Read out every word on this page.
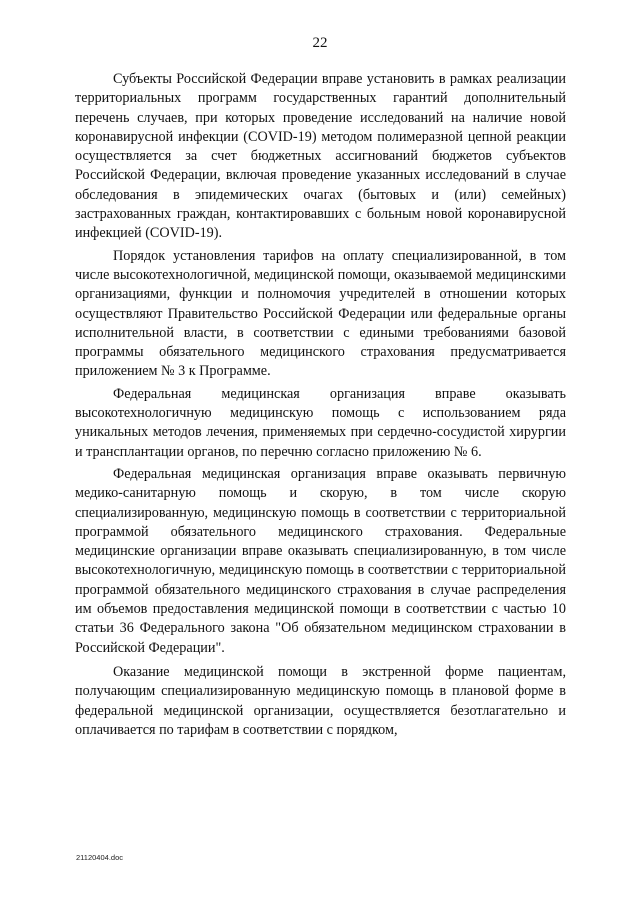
22

Субъекты Российской Федерации вправе установить в рамках реализации территориальных программ государственных гарантий дополнительный перечень случаев, при которых проведение исследований на наличие новой коронавирусной инфекции (COVID-19) методом полимеразной цепной реакции осуществляется за счет бюджетных ассигнований бюджетов субъектов Российской Федерации, включая проведение указанных исследований в случае обследования в эпидемических очагах (бытовых и (или) семейных) застрахованных граждан, контактировавших с больным новой коронавирусной инфекцией (COVID-19).

Порядок установления тарифов на оплату специализированной, в том числе высокотехнологичной, медицинской помощи, оказываемой медицинскими организациями, функции и полномочия учредителей в отношении которых осуществляют Правительство Российской Федерации или федеральные органы исполнительной власти, в соответствии с едиными требованиями базовой программы обязательного медицинского страхования предусматривается приложением № 3 к Программе.

Федеральная медицинская организация вправе оказывать высокотехнологичную медицинскую помощь с использованием ряда уникальных методов лечения, применяемых при сердечно-сосудистой хирургии и трансплантации органов, по перечню согласно приложению № 6.

Федеральная медицинская организация вправе оказывать первичную медико-санитарную помощь и скорую, в том числе скорую специализированную, медицинскую помощь в соответствии с территориальной программой обязательного медицинского страхования. Федеральные медицинские организации вправе оказывать специализированную, в том числе высокотехнологичную, медицинскую помощь в соответствии с территориальной программой обязательного медицинского страхования в случае распределения им объемов предоставления медицинской помощи в соответствии с частью 10 статьи 36 Федерального закона "Об обязательном медицинском страховании в Российской Федерации".

Оказание медицинской помощи в экстренной форме пациентам, получающим специализированную медицинскую помощь в плановой форме в федеральной медицинской организации, осуществляется безотлагательно и оплачивается по тарифам в соответствии с порядком,

21120404.doc
